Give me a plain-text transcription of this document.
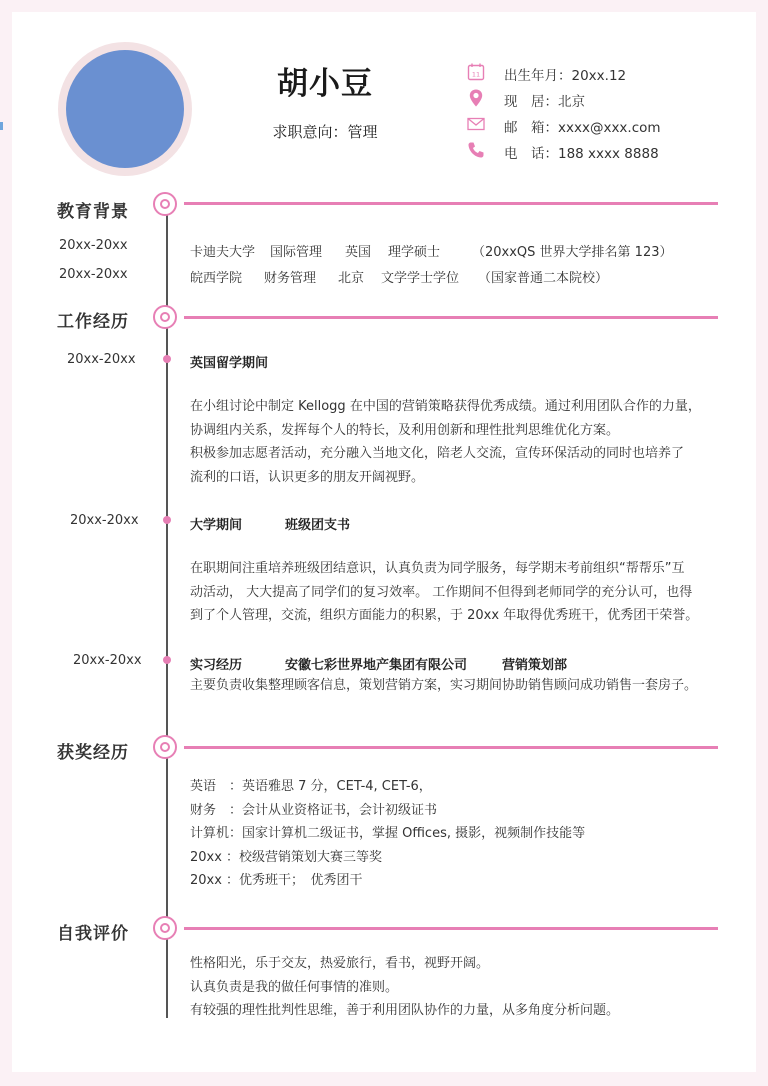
胡小豆
求职意向：管理
11 出生年月：20xx.12
现　居：北京
邮　箱：xxxx@xxx.com
电　话：188 xxxx 8888
教育背景
20xx-20xx	卡迪夫大学 国际管理 英国 理学硕士 （20xxQS 世界大学排名第 123）
20xx-20xx	皖西学院 财务管理 北京 文学学士学位 （国家普通二本院校）
工作经历
20xx-20xx	英国留学期间
在小组讨论中制定 Kellogg 在中国的营销策略获得优秀成绩。通过利用团队合作的力量，
协调组内关系，发挥每个人的特长，及利用创新和理性批判思维优化方案。
积极参加志愿者活动，充分融入当地文化，陪老人交流，宣传环保活动的同时也培养了
流利的口语，认识更多的朋友开阔视野。
20xx-20xx	大学期间	班级团支书
在职期间注重培养班级团结意识，认真负责为同学服务，每学期末考前组织“帮帮乐”互
动活动， 大大提高了同学们的复习效率。 工作期间不但得到老师同学的充分认可，也得
到了个人管理，交流，组织方面能力的积累，于 20xx 年取得优秀班干，优秀团干荣誉。
20xx-20xx	实习经历	安徽七彩世界地产集团有限公司	营销策划部
主要负责收集整理顾客信息，策划营销方案，实习期间协助销售顾问成功销售一套房子。
获奖经历
英语　：英语雅思 7 分，CET-4, CET-6，
财务　：会计从业资格证书，会计初级证书
计算机：国家计算机二级证书，掌握 Offices, 摄影，视频制作技能等
20xx ：校级营销策划大赛三等奖
20xx ：优秀班干；　优秀团干
自我评价
性格阳光，乐于交友，热爱旅行，看书，视野开阔。
认真负责是我的做任何事情的准则。
有较强的理性批判性思维，善于利用团队协作的力量，从多角度分析问题。
